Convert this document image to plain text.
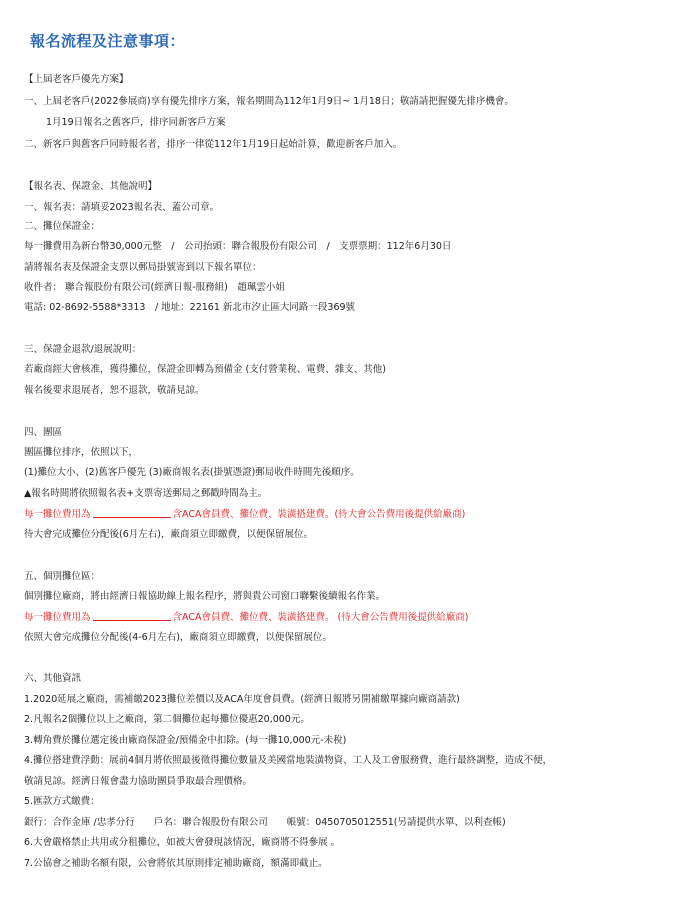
報名流程及注意事項：
【上屆老客戶優先方案】
一、上屆老客戶(2022參展商)享有優先排序方案，報名期間為112年1月9日~ 1月18日；敬請請把握優先排序機會。
1月19日報名之舊客戶，排序同新客戶方案
二、新客戶與舊客戶同時報名者，排序一律從112年1月19日起始計算，歡迎新客戶加入。
【報名表、保證金、其他說明】
一、報名表：請填妥2023報名表、蓋公司章。
二、攤位保證金：
每一攤費用為新台幣30,000元整　/　公司抬頭：聯合報股份有限公司　/　支票票期：112年6月30日
請將報名表及保證金支票以郵局掛號寄到以下報名單位：
收件者： 聯合報股份有限公司(經濟日報-服務組)　趙珮雲小姐
電話: 02-8692-5588*3313　/ 地址：22161 新北市汐止區大同路一段369號
三、保證金退款/退展說明：
若廠商經大會核准，獲得攤位，保證金即轉為預備金 (支付營業稅、電費、雜支、其他)
報名後要求退展者，恕不退款，敬請見諒。
四、團區
團區攤位排序，依照以下，
(1)攤位大小、(2)舊客戶優先 (3)廠商報名表(掛號憑證)郵局收件時間先後順序。
▲報名時間將依照報名表+支票寄送郵局之郵戳時間為主。
每一攤位費用為	含ACA會員費、攤位費、裝潢搭建費。(待大會公告費用後提供給廠商)
待大會完成攤位分配後(6月左右)，廠商須立即繳費，以便保留展位。
五、個別攤位區：
個別攤位廠商，將由經濟日報協助線上報名程序，將與貴公司窗口聯繫後續報名作業。
每一攤位費用為	含ACA會員費、攤位費、裝潢搭建費。 (待大會公告費用後提供給廠商)
依照大會完成攤位分配後(4-6月左右)，廠商須立即繳費，以便保留展位。
六、其他資訊
1.2020延展之廠商，需補繳2023攤位差價以及ACA年度會員費。(經濟日報將另開補繳單據向廠商請款)
2.凡報名2個攤位以上之廠商，第二個攤位起每攤位優惠20,000元。
3.轉角費於攤位選定後由廠商保證金/預備金中扣除。(每一攤10,000元-未稅)
4.攤位搭建費浮動：展前4個月將依照最後徵得攤位數量及美國當地裝潢物資、工人及工會服務費，進行最終調整，造成不便，
敬請見諒。經濟日報會盡力協助團員爭取最合理價格。
5.匯款方式繳費：
銀行：合作金庫 /忠孝分行　　戶名：聯合報股份有限公司　　帳號：0450705012551(另請提供水單、以利查帳)
6.大會嚴格禁止共用或分租攤位，如被大會發現該情況，廠商將不得參展 。
7.公協會之補助名額有限，公會將依其原則排定補助廠商，額滿即截止。
